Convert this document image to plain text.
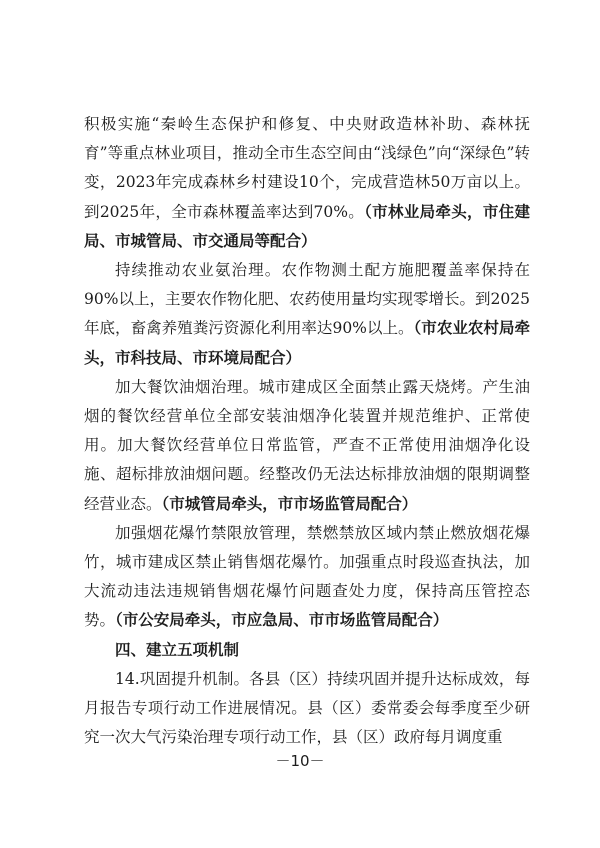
积极实施“秦岭生态保护和修复、中央财政造林补助、森林抚育”等重点林业项目，推动全市生态空间由“浅绿色”向“深绿色”转变，2023年完成森林乡村建设10个，完成营造林50万亩以上。到2025年，全市森林覆盖率达到70%。（市林业局牵头，市住建局、市城管局、市交通局等配合）

持续推动农业氨治理。农作物测土配方施肥覆盖率保持在90%以上，主要农作物化肥、农药使用量均实现零增长。到2025年底，畜禽养殖粪污资源化利用率达90%以上。（市农业农村局牵头，市科技局、市环境局配合）

加大餐饮油烟治理。城市建成区全面禁止露天烧烤。产生油烟的餐饮经营单位全部安装油烟净化装置并规范维护、正常使用。加大餐饮经营单位日常监管，严查不正常使用油烟净化设施、超标排放油烟问题。经整改仍无法达标排放油烟的限期调整经营业态。（市城管局牵头，市市场监管局配合）

加强烟花爆竹禁限放管理，禁燃禁放区域内禁止燃放烟花爆竹，城市建成区禁止销售烟花爆竹。加强重点时段巡查执法，加大流动违法违规销售烟花爆竹问题查处力度，保持高压管控态势。（市公安局牵头，市应急局、市市场监管局配合）

四、建立五项机制

14.巩固提升机制。各县（区）持续巩固并提升达标成效，每月报告专项行动工作进展情况。县（区）委常委会每季度至少研究一次大气污染治理专项行动工作，县（区）政府每月调度重

－10－
